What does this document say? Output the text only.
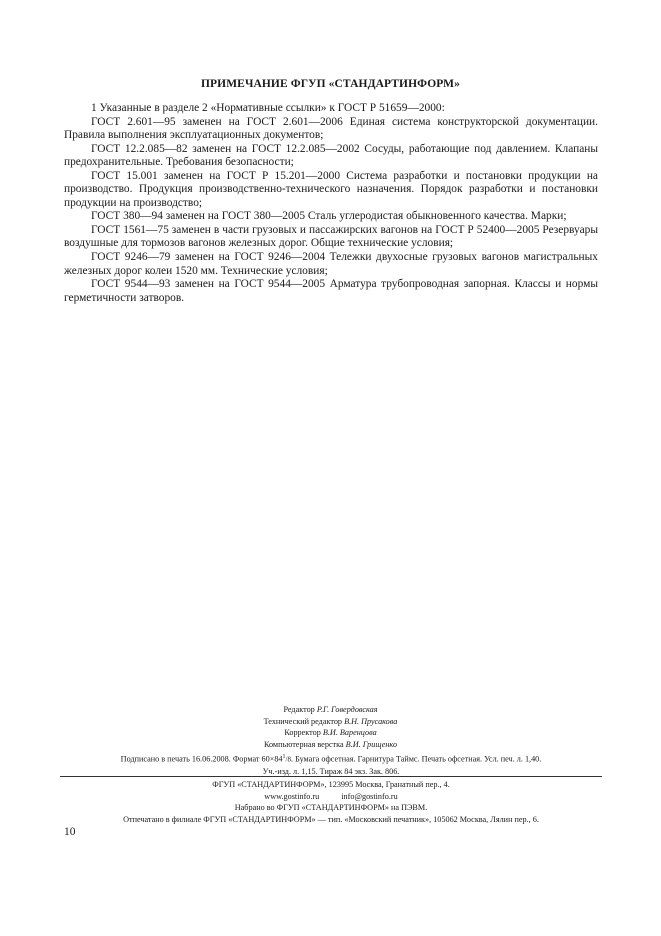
ПРИМЕЧАНИЕ ФГУП «СТАНДАРТИНФОРМ»

1 Указанные в разделе 2 «Нормативные ссылки» к ГОСТ Р 51659—2000:

ГОСТ 2.601—95 заменен на ГОСТ 2.601—2006 Единая система конструкторской документации. Правила выполнения эксплуатационных документов;

ГОСТ 12.2.085—82 заменен на ГОСТ 12.2.085—2002 Сосуды, работающие под давлением. Клапаны предохранительные. Требования безопасности;

ГОСТ 15.001 заменен на ГОСТ Р 15.201—2000 Система разработки и постановки продукции на производство. Продукция производственно-технического назначения. Порядок разработки и постановки продукции на производство;

ГОСТ 380—94 заменен на ГОСТ 380—2005 Сталь углеродистая обыкновенного качества. Марки;

ГОСТ 1561—75 заменен в части грузовых и пассажирских вагонов на ГОСТ Р 52400—2005 Резервуары воздушные для тормозов вагонов железных дорог. Общие технические условия;

ГОСТ 9246—79 заменен на ГОСТ 9246—2004 Тележки двухосные грузовых вагонов магистральных железных дорог колеи 1520 мм. Технические условия;

ГОСТ 9544—93 заменен на ГОСТ 9544—2005 Арматура трубопроводная запорная. Классы и нормы герметичности затворов.

Редактор Р.Г. Говердовская
Технический редактор В.Н. Прусакова
Корректор В.И. Варенцова
Компьютерная верстка В.И. Грищенко
Подписано в печать 16.06.2008. Формат $60\times 84^1/8$. Бумага офсетная. Гарнитура Таймс. Печать офсетная. Усл. печ. л. 1,40.
Уч.-изд. л. 1,15. Тираж 84 экз. Зак. 806.
ФГУП «СТАНДАРТИНФОРМ», 123995 Москва, Гранатный пер., 4.
www.gostinfo.ru	info@gostinfo.ru
Набрано во ФГУП «СТАНДАРТИНФОРМ» на ПЭВМ.
Отпечатано в филиале ФГУП «СТАНДАРТИНФОРМ» — тип. «Московский печатник», 105062 Москва, Лялин пер., 6.
10
